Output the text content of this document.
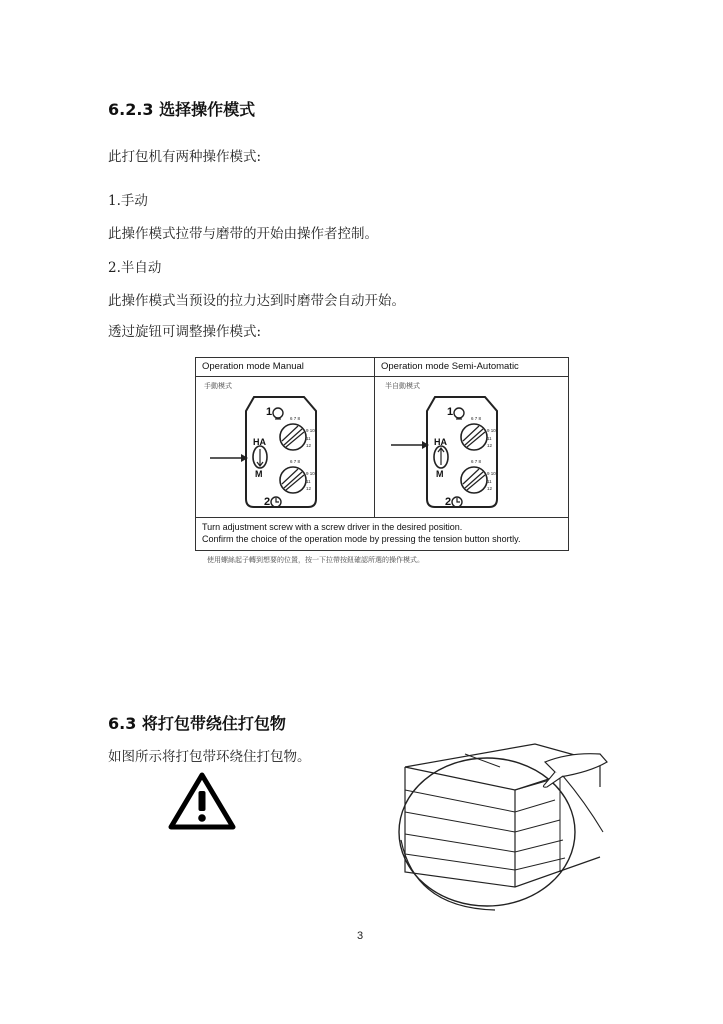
6.2.3 选择操作模式
此打包机有两种操作模式:
1.手动
此操作模式拉带与磨带的开始由操作者控制。
2.半自动
此操作模式当预设的拉力达到时磨带会自动开始。
透过旋钮可调整操作模式:
Operation mode Manual	Operation mode Semi-Automatic
手動模式	半自動模式
6 7 8
9 10
11
12
6 7 8
9 10
11
12
1
HA
M
2
6 7 8
9 10
11
12
6 7 8
9 10
11
12
1
HA
M
2
Turn adjustment screw with a screw driver in the desired position.
Confirm the choice of the operation mode by pressing the tension button shortly.
使用螺絲起子轉到想要的位置，按一下拉帶按鈕確認所選的操作模式。
6.3 将打包带绕住打包物
如图所示将打包带环绕住打包物。
3
